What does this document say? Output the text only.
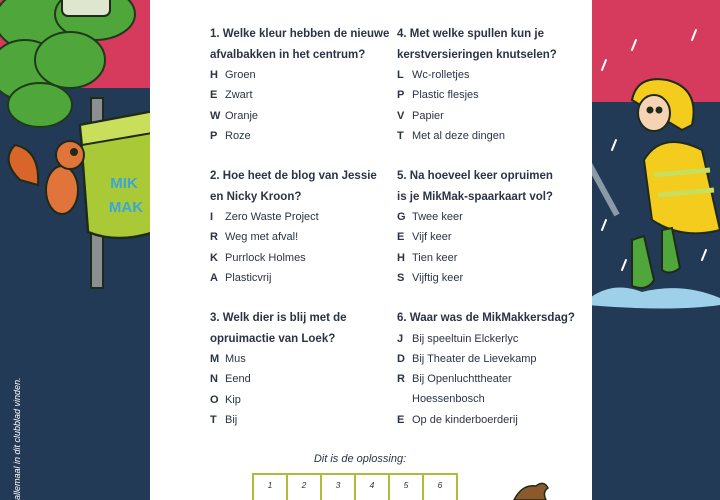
MIK
MAK
allemaal in dit clubblad vinden.
1. Welke kleur hebben de nieuwe
afvalbakken in het centrum?
H Groen
E Zwart
W Oranje
P Roze
2. Hoe heet de blog van Jessie
en Nicky Kroon?
I	Zero Waste Project
R Weg met afval!
K Purrlock Holmes
A Plasticvrij
3. Welk dier is blij met de
opruimactie van Loek?
M Mus
N Eend
O Kip
T Bij
4. Met welke spullen kun je
kerstversieringen knutselen?
L Wc-rolletjes
P Plastic flesjes
V Papier
T Met al deze dingen
5. Na hoeveel keer opruimen
is je MikMak-spaarkaart vol?
G Twee keer
E Vijf keer
H Tien keer
S Vijftig keer
6. Waar was de MikMakkersdag?
J Bij speeltuin Elckerlyc
D Bij Theater de Lievekamp
R Bij Openluchttheater
Hoessenbosch
E Op de kinderboerderij
Dit is de oplossing:
1	2	3	4	5	6
